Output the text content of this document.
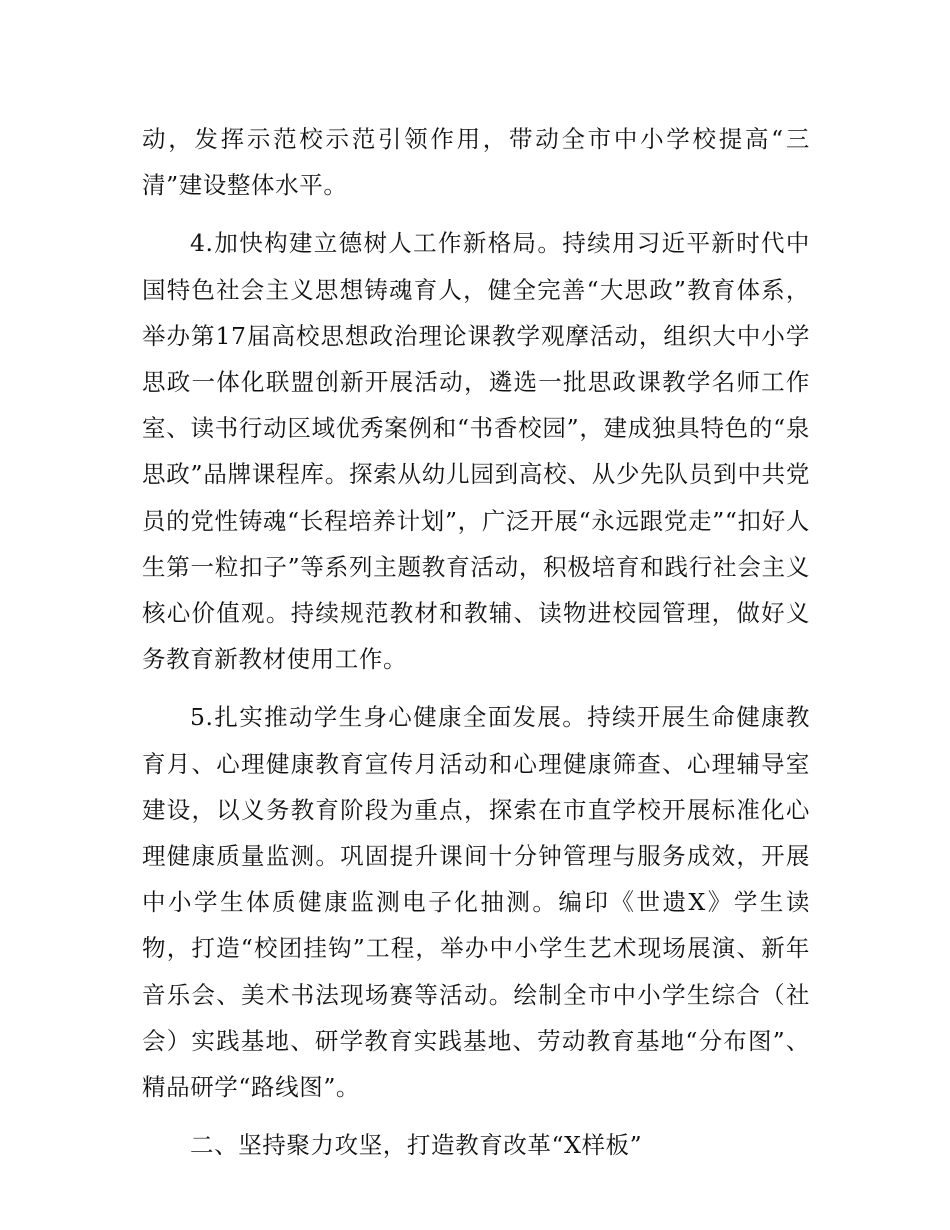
动，发挥示范校示范引领作用，带动全市中小学校提高“三清”建设整体水平。

4.加快构建立德树人工作新格局。持续用习近平新时代中国特色社会主义思想铸魂育人，健全完善“大思政”教育体系，举办第17届高校思想政治理论课教学观摩活动，组织大中小学思政一体化联盟创新开展活动，遴选一批思政课教学名师工作室、读书行动区域优秀案例和“书香校园”，建成独具特色的“泉思政”品牌课程库。探索从幼儿园到高校、从少先队员到中共党员的党性铸魂“长程培养计划”，广泛开展“永远跟党走”“扣好人生第一粒扣子”等系列主题教育活动，积极培育和践行社会主义核心价值观。持续规范教材和教辅、读物进校园管理，做好义务教育新教材使用工作。

5.扎实推动学生身心健康全面发展。持续开展生命健康教育月、心理健康教育宣传月活动和心理健康筛查、心理辅导室建设，以义务教育阶段为重点，探索在市直学校开展标准化心理健康质量监测。巩固提升课间十分钟管理与服务成效，开展中小学生体质健康监测电子化抽测。编印《世遗X》学生读物，打造“校团挂钩”工程，举办中小学生艺术现场展演、新年音乐会、美术书法现场赛等活动。绘制全市中小学生综合（社会）实践基地、研学教育实践基地、劳动教育基地“分布图”、精品研学“路线图”。

二、坚持聚力攻坚，打造教育改革“X样板”
